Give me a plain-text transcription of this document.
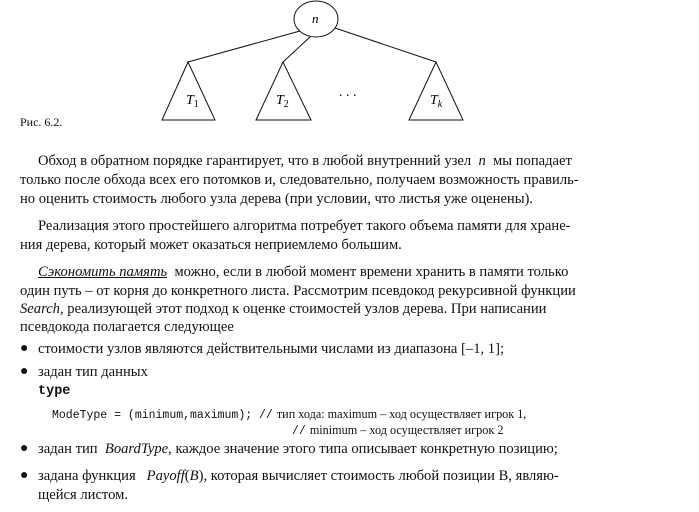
n
$T_1$	$T_2$	$T_k$
. . .
Рис. 6.2.
Обход в обратном порядке гарантирует, что в любой внутренний узел n мы попадает
только после обхода всех его потомков и, следовательно, получаем возможность правиль-
но оценить стоимость любого узла дерева (при условии, что листья уже оценены).
Реализация этого простейшего алгоритма потребует такого объема памяти для хране-
ния дерева, который может оказаться неприемлемо большим.
Сэкономить память можно, если в любой момент времени хранить в памяти только
один путь – от корня до конкретного листа. Рассмотрим псевдокод рекурсивной функции
Search, реализующей этот подход к оценке стоимостей узлов дерева. При написании
псевдокода полагается следующее
● стоимости узлов являются действительными числами из диапазона [–1, 1];
● задан тип данных
type
ModeType = (minimum,maximum); // тип хода: maximum – ход осуществляет игрок 1,
// minimum – ход осуществляет игрок 2
● задан тип BoardType, каждое значение этого типа описывает конкретную позицию;
● задана функция Payoff(B), которая вычисляет стоимость любой позиции B, являю-
щейся листом.
